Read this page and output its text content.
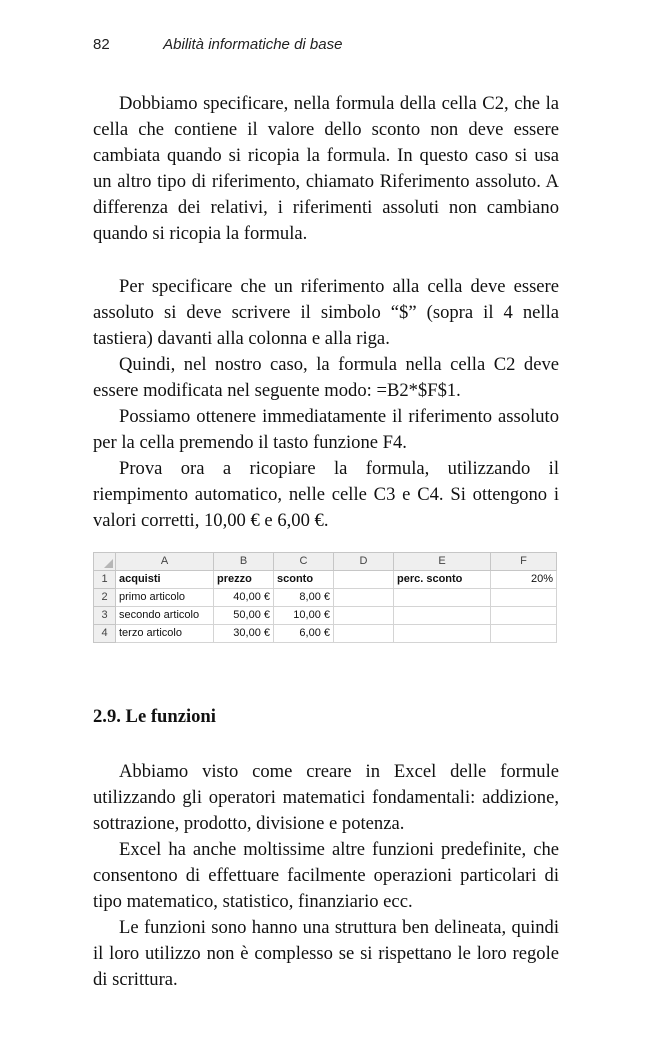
82	Abilità informatiche di base

Dobbiamo specificare, nella formula della cella C2, che la cella che contiene il valore dello sconto non deve essere cambiata quando si ricopia la formula. In questo caso si usa un altro tipo di riferimento, chiamato Riferimento assoluto. A differenza dei relativi, i riferimenti assoluti non cambiano quando si ricopia la formula.

Per specificare che un riferimento alla cella deve essere assoluto si deve scrivere il simbolo “$” (sopra il 4 nella tastiera) davanti alla colonna e alla riga.

Quindi, nel nostro caso, la formula nella cella C2 deve essere modificata nel seguente modo: =B2*$F$1.

Possiamo ottenere immediatamente il riferimento assoluto per la cella premendo il tasto funzione F4.

Prova ora a ricopiare la formula, utilizzando il riempimento automatico, nelle celle C3 e C4. Si ottengono i valori corretti, 10,00 € e 6,00 €.

	A	B	C	D	E	F
1	acquisti	prezzo	sconto		perc. sconto	20%
2	primo articolo	40,00 €	8,00 €			
3	secondo articolo	50,00 €	10,00 €			
4	terzo articolo	30,00 €	6,00 €			
2.9. Le funzioni

Abbiamo visto come creare in Excel delle formule utilizzando gli operatori matematici fondamentali: addizione, sottrazione, prodotto, divisione e potenza.

Excel ha anche moltissime altre funzioni predefinite, che consentono di effettuare facilmente operazioni particolari di tipo matematico, statistico, finanziario ecc.

Le funzioni sono hanno una struttura ben delineata, quindi il loro utilizzo non è complesso se si rispettano le loro regole di scrittura.
